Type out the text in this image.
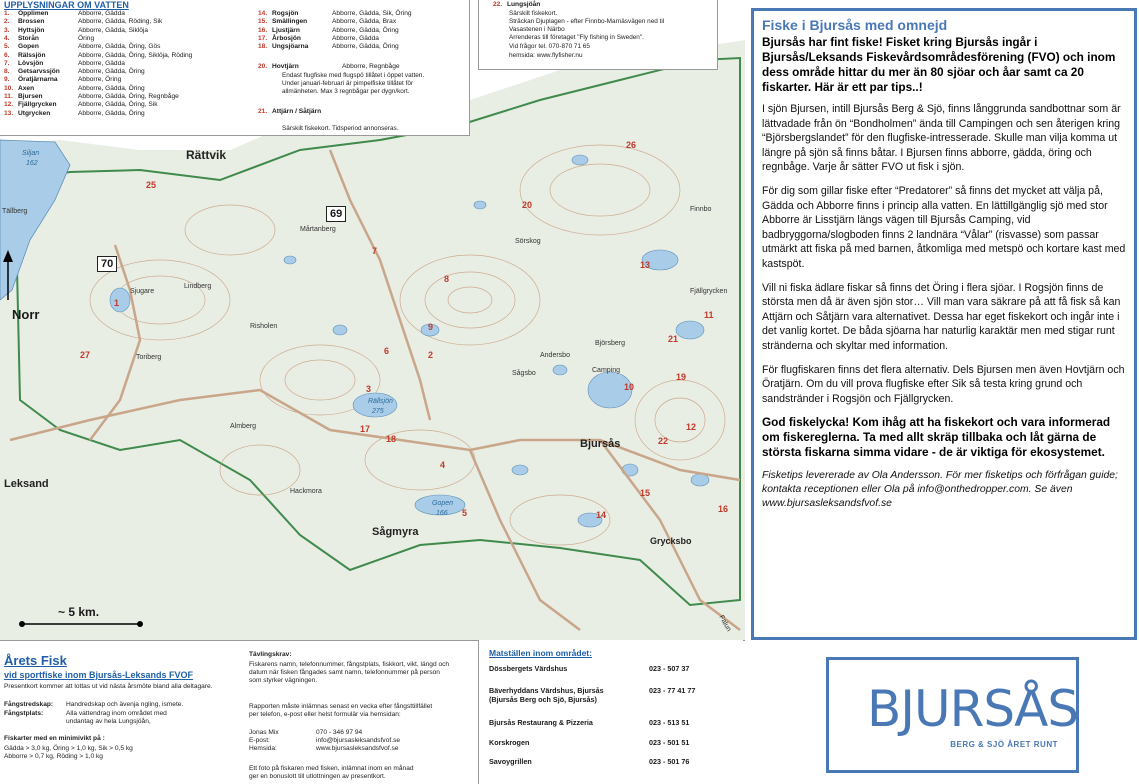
Siljan
162
Rättvik
Tällberg
Mårtanberg
Lindberg
Sjugare
Toriberg
Risholen
Almberg
Leksand
Hackmora
Sågmyra
Bjursås
Andersbo
Björsberg
Sågsbo	Camping
Finnbo
Sörskog
Fjällgrycken
Grycksbo
Rällsjön
275
Gopen
166
Falun
69
70
25
27
1
2
3
4
5
6
7
8
9
10
11
12
13
14
15
16
17
18
19
20
21
22
26
~ 5 km.
Norr
UPPLYSNINGAR OM VATTEN
1. Opplimen	Abborre, Gädda
2. Brossen	Abborre, Gädda, Röding, Sik
3. Hyttsjön	Abborre, Gädda, Siklöja
4. Storån	Öring
5. Gopen	Abborre, Gädda, Öring, Gös
6. Rälssjön	Abborre, Gädda, Öring, Siklöja, Röding
7. Lövsjön	Abborre, Gädda
8. Getsarvssjön	Abborre, Gädda, Öring
9. Öratjärnarna	Abborre, Öring
10. Axen	Abborre, Gädda, Öring
11. Bjursen	Abborre, Gädda, Öring, Regnbåge
12. Fjällgrycken	Abborre, Gädda, Öring, Sik
13. Utgrycken	Abborre, Gädda, Öring
14. Rogsjön	Abborre, Gädda, Sik, Öring
15. Smällingen	Abborre, Gädda, Brax
16. Ljustjärn	Abborre, Gädda, Öring
17. Årbosjön	Abborre, Gädda
18. Ungsjöarna	Abborre, Gädda, Öring
20. Hovtjärn	Abborre, Regnbåge
Endast flugfiske med flugspö tillåtet i öppet vatten.
Under januari-februari är pimpelfiske tillåtet för
allmänheten. Max 3 regnbågar per dygn/kort.
21. Attjärn / Såtjärn
Särskilt fiskekort. Tidsperiod annonseras.
22. Lungsjöån
Särskilt fiskekort.
Sträckan Djuplagen - efter Finnbo-Marnäsvägen ned til
Vasastenen i Närbo
Arrenderas till företaget "Fly fishing in Sweden".
Vid frågor tel. 070-870 71 65
hemsida: www.flyfisher.nu
Årets Fisk
vid sportfiske inom Bjursås-Leksands FVOF
Presentkort kommer att lottas ut vid nästa årsmöte bland alla deltagare.
Fångstredskap: Handredskap och ävenja ngling, ismete.
Fångstplats:	Alla vattendrag inom området med
undantag av hela Lungsjöån,
Fiskarter med en minimivikt på :
Gädda > 3,0 kg, Öring > 1,0 kg, Sik > 0,5 kg
Abborre > 0,7 kg, Röding > 1,0 kg
Tävlingskrav:
Fiskarens namn, telefonnummer, fångstplats, fiskkort, vikt, längd och
datum när fisken fångades samt namn, telefonnummer på person
som styrker vägningen.
Rapporten måste inlämnas senast en vecka efter fångsttillfället
per telefon, e-post eller helst formulär via hemsidan:
Jonas Mix	070 - 346 97 94
E-post:	info@bjursasleksandsfvof.se
Hemsida:	www.bjursasleksandsfvof.se
Ett foto på fiskaren med fisken, inlämnat inom en månad
ger en bonuslott till utlottningen av presentkort.
Matställen inom området:
Dössbergets Värdshus	023 - 507 37
Bäverhyddans Värdshus, Bjursås
(Bjursås Berg och Sjö, Bjursås)
023 - 77 41 77
Bjursås Restaurang & Pizzeria	023 - 513 51
Korskrogen	023 - 501 51
Savoygrillen	023 - 501 76
Fiske i Bjursås med omnejd
Bjursås har fint fiske! Fisket kring Bjursås ingår i Bjursås/Leksands Fiskevårdsområdesförening (FVO) och inom dess område hittar du mer än 80 sjöar och åar samt ca 20 fiskarter. Här är ett par tips..!
I sjön Bjursen, intill Bjursås Berg & Sjö, finns långgrunda sandbottnar som är lättvadade från ön “Bondholmen” ända till Campingen och sen återigen kring “Björsbergslandet” för den flugfiske-intresserade. Skulle man vilja komma ut längre på sjön så finns båtar. I Bjursen finns abborre, gädda, öring och regnbåge. Varje år sätter FVO ut fisk i sjön.
För dig som gillar fiske efter “Predatorer” så finns det mycket att välja på, Gädda och Abborre finns i princip alla vatten. En lättillgänglig sjö med stor Abborre är Lisstjärn längs vägen till Bjursås Camping, vid badbryggorna/slogboden finns 2 landnära “Vålar” (risvasse) som passar utmärkt att fiska på med barnen, åtkomliga med metspö och kortare kast med kastspöt.
Vill ni fiska ädlare fiskar så finns det Öring i flera sjöar. I Rogsjön finns de största men då är även sjön stor… Vill man vara säkrare på att få fisk så kan Attjärn och Såtjärn vara alternativet. Dessa har eget fiskekort och ingår inte i det vanlig kortet. De båda sjöarna har naturlig karaktär men med stigar runt stränderna och skyltar med information.
För flugfiskaren finns det flera alternativ. Dels Bjursen men även Hovtjärn och Öratjärn. Om du vill prova flugfiske efter Sik så testa kring grund och sandstränder i Rogsjön och Fjällgrycken.
God fiskelycka! Kom ihåg att ha fiskekort och vara informerad om fiskereglerna. Ta med allt skräp tillbaka och låt gärna de största fiskarna simma vidare - de är viktiga för ekosystemet.
Fisketips levererade av Ola Andersson. För mer fisketips och förfrågan guide; kontakta receptionen eller Ola på info@onthedropper.com. Se även www.bjursasleksandsfvof.se
BJURSÅS
BERG & SJÖ ÅRET RUNT
